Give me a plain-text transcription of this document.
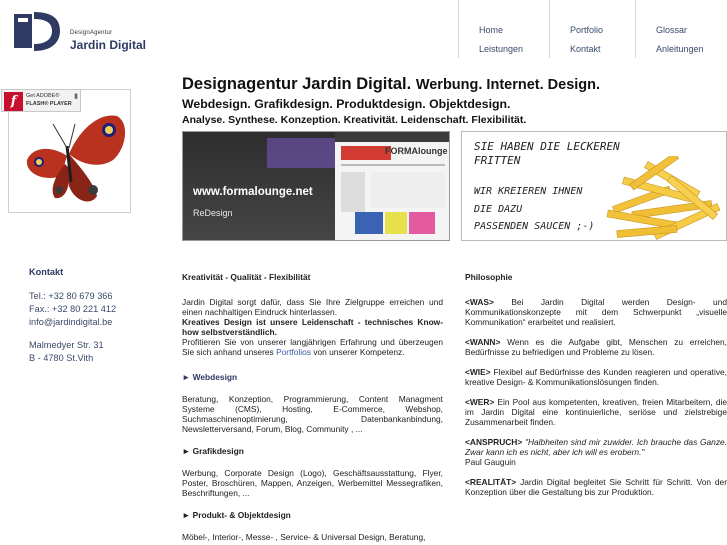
DesignAgentur
Jardin Digital
Home
Leistungen
Portfolio
Kontakt
Glossar
Anleitungen
f	Get ADOBE®
FLASH® PLAYER
▮
Kontakt
Tel.: +32 80 679 366
Fax.: +32 80 221 412
info@jardindigital.be
Malmedyer Str. 31
B - 4780 St.Vith
Designagentur Jardin Digital. Werbung. Internet. Design.
Webdesign. Grafikdesign. Produktdesign. Objektdesign.
Analyse. Synthese. Konzeption. Kreativität. Leidenschaft. Flexibilität.
FORMAlounge
www.formalounge.net
ReDesign
SIE HABEN DIE LECKEREN
FRITTEN
WIR KREIEREN IHNEN
DIE DAZU
PASSENDEN SAUCEN ;-)
Kreativität - Qualität - Flexibilität
Jardin Digital sorgt dafür, dass Sie Ihre Zielgruppe erreichen und einen nachhaltigen Eindruck hinterlassen.
Kreatives Design ist unsere Leidenschaft - technisches Know-how selbstverständlich.
Profitieren Sie von unserer langjährigen Erfahrung und überzeugen Sie sich anhand unseres Portfolios von unserer Kompetenz.
► Webdesign
Beratung, Konzeption, Programmierung, Content Managment Systeme (CMS), Hosting, E-Commerce, Webshop, Suchmaschinenoptimierung, Datenbankanbindung, Newsletterversand, Forum, Blog, Community , ...
► Grafikdesign
Werbung, Corporate Design (Logo), Geschäftsausstattung, Flyer, Poster, Broschüren, Mappen, Anzeigen, Werbemittel Messegrafiken, Beschriftungen, ...
► Produkt- & Objektdesign
Möbel-, Interior-, Messe- , Service- & Universal Design, Beratung,
Philosophie
<WAS> Bei Jardin Digital werden Design- und Kommunikationskonzepte mit dem Schwerpunkt „visuelle Kommunikation“ erarbeitet und realisiert.
<WANN> Wenn es die Aufgabe gibt, Menschen zu erreichen, Bedürfnisse zu befriedigen und Probleme zu lösen.
<WIE> Flexibel auf Bedürfnisse des Kunden reagieren und operative, kreative Design- & Kommunikationslösungen finden.
<WER> Ein Pool aus kompetenten, kreativen, freien Mitarbeitern, die im Jardin Digital eine kontinuierliche, seriöse und zielstrebige Zusammenarbeit finden.
<ANSPRUCH> "Halbheiten sind mir zuwider. Ich brauche das Ganze. Zwar kann ich es nicht, aber ich will es erobern."
Paul Gauguin
<REALITÄT> Jardin Digital begleitet Sie Schritt für Schritt. Von der Konzeption über die Gestaltung bis zur Produktion.
